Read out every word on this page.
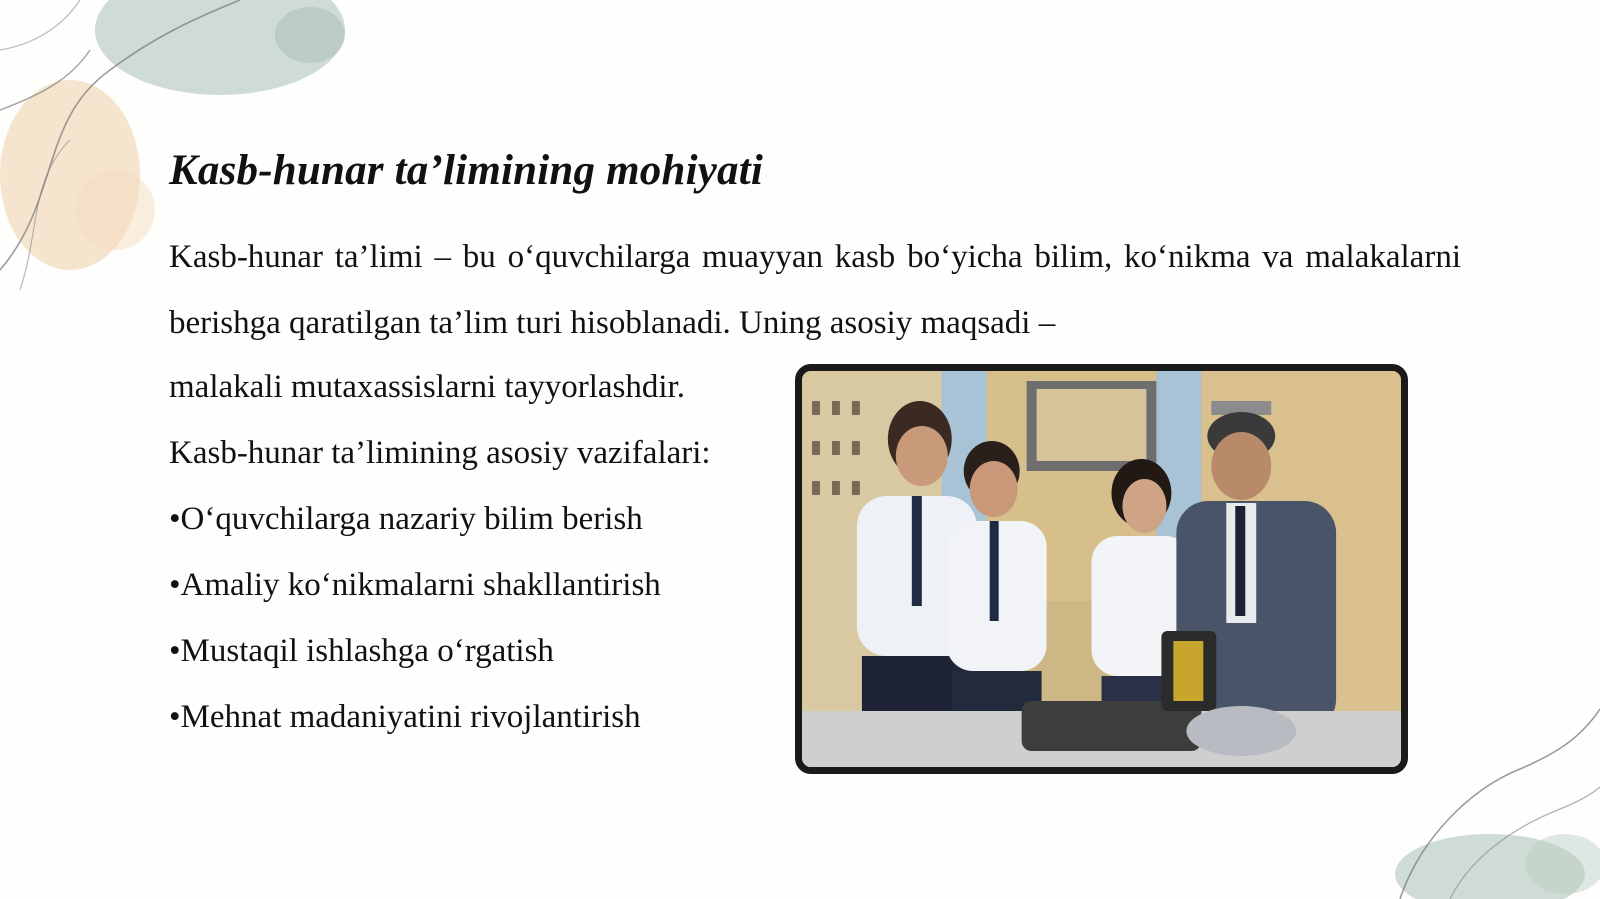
Kasb-hunar ta’limining mohiyati

Kasb-hunar ta’limi – bu o‘quvchilarga muayyan kasb bo‘yicha bilim, ko‘nikma va malakalarni berishga qaratilgan ta’lim turi hisoblanadi. Uning asosiy maqsadi –

malakali mutaxassislarni tayyorlashdir.

Kasb-hunar ta’limining asosiy vazifalari:

•O‘quvchilarga nazariy bilim berish
•Amaliy ko‘nikmalarni shakllantirish
•Mustaqil ishlashga o‘rgatish
•Mehnat madaniyatini rivojlantirish
